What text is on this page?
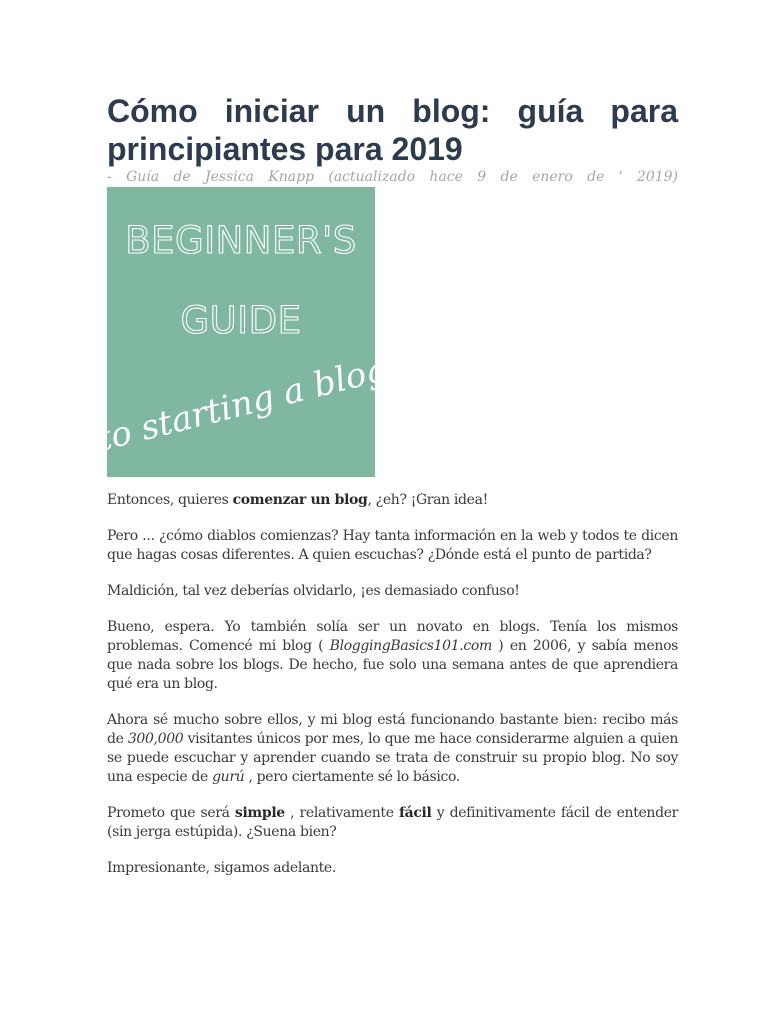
Cómo iniciar un blog: guía para principiantes para 2019

- Guía de Jessica Knapp (actualizado hace 9 de enero de ' 2019)

BEGINNER'S
GUIDE
to starting a blog

Entonces, quieres comenzar un blog, ¿eh? ¡Gran idea!

Pero ... ¿cómo diablos comienzas? Hay tanta información en la web y todos te dicen que hagas cosas diferentes. A quien escuchas? ¿Dónde está el punto de partida?

Maldición, tal vez deberías olvidarlo, ¡es demasiado confuso!

Bueno, espera. Yo también solía ser un novato en blogs. Tenía los mismos problemas. Comencé mi blog ( BloggingBasics101.com ) en 2006, y sabía menos que nada sobre los blogs. De hecho, fue solo una semana antes de que aprendiera qué era un blog.

Ahora sé mucho sobre ellos, y mi blog está funcionando bastante bien: recibo más de 300,000 visitantes únicos por mes, lo que me hace considerarme alguien a quien se puede escuchar y aprender cuando se trata de construir su propio blog. No soy una especie de gurú , pero ciertamente sé lo básico.

Prometo que será simple , relativamente fácil y definitivamente fácil de entender (sin jerga estúpida). ¿Suena bien?

Impresionante, sigamos adelante.
